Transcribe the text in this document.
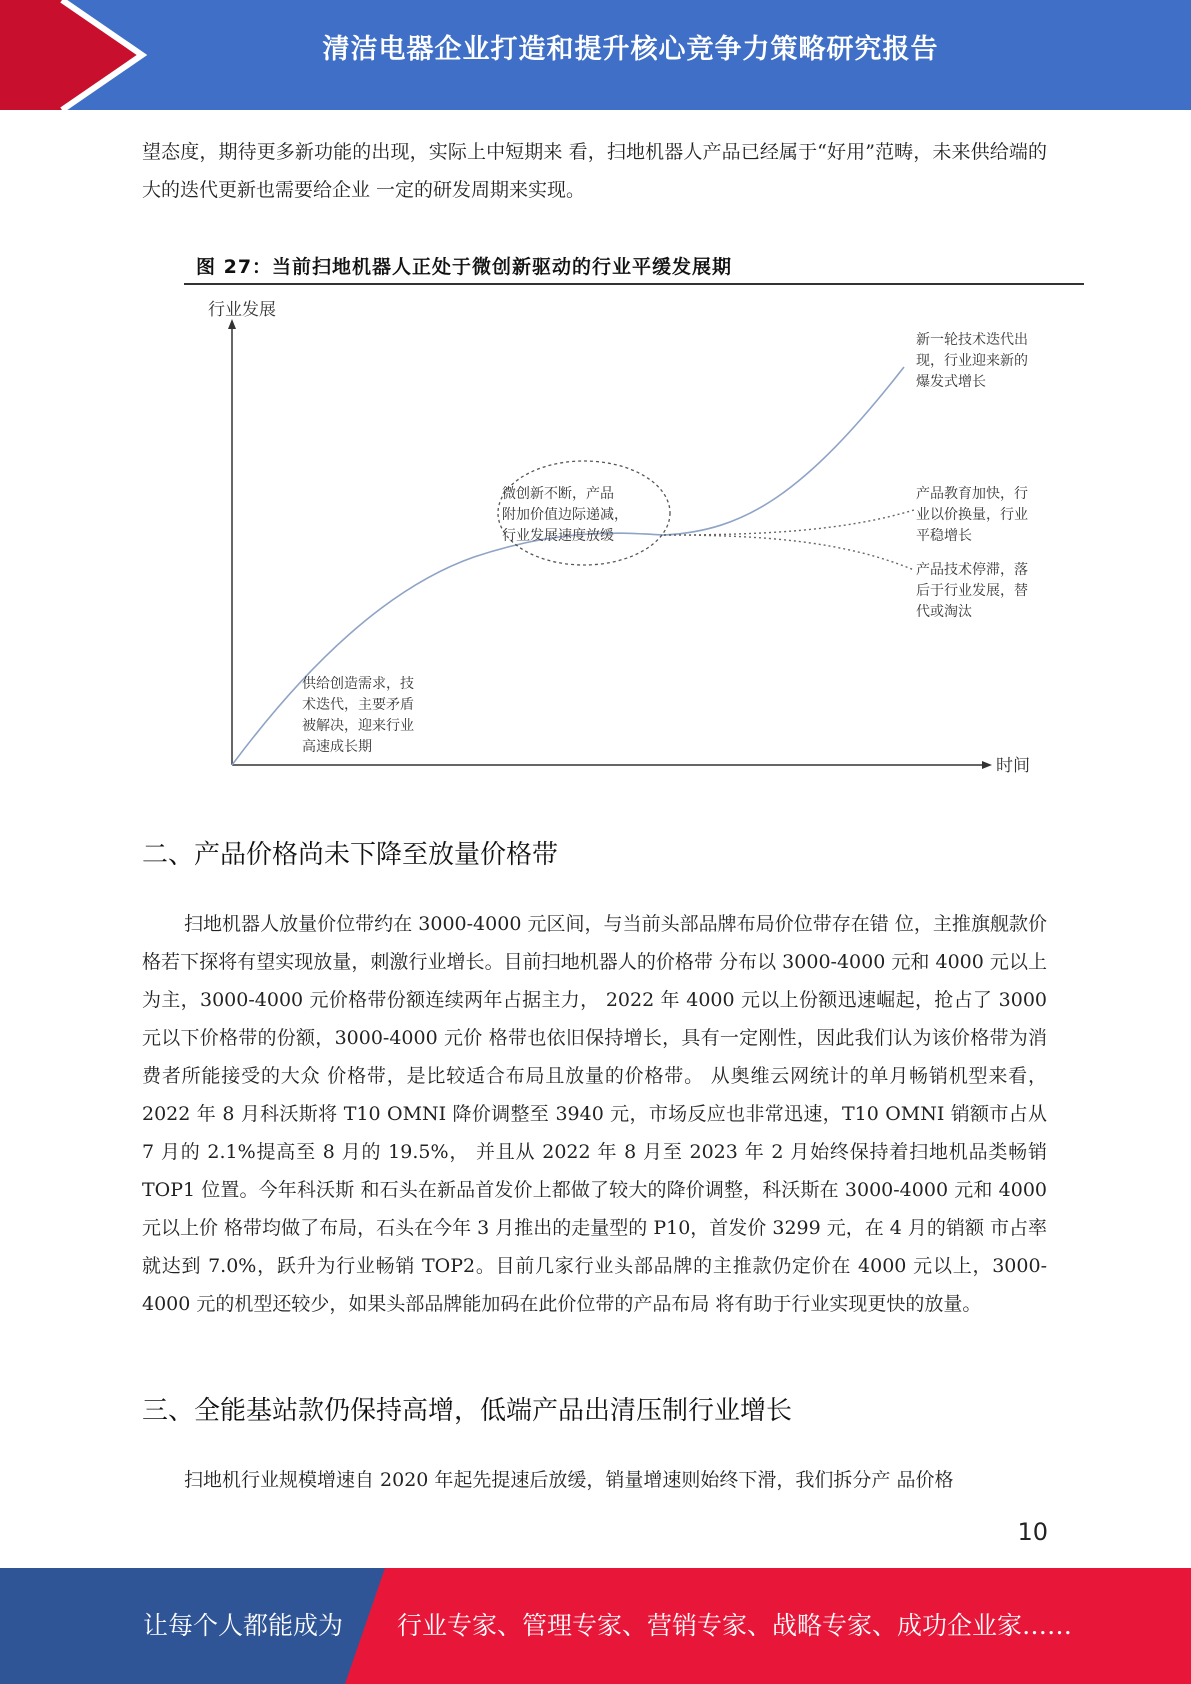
清洁电器企业打造和提升核心竞争力策略研究报告

望态度，期待更多新功能的出现，实际上中短期来 看，扫地机器人产品已经属于“好用”范畴，未来供给端的大的迭代更新也需要给企业 一定的研发周期来实现。

图 27：当前扫地机器人正处于微创新驱动的行业平缓发展期
行业发展
时间
微创新不断，产品
附加价值边际递减，
行业发展速度放缓
供给创造需求，技
术迭代，主要矛盾
被解决，迎来行业
高速成长期
新一轮技术迭代出
现，行业迎来新的
爆发式增长
产品教育加快，行
业以价换量，行业
平稳增长
产品技术停滞，落
后于行业发展，替
代或淘汰
二、产品价格尚未下降至放量价格带

扫地机器人放量价位带约在 3000-4000 元区间，与当前头部品牌布局价位带存在错 位，主推旗舰款价格若下探将有望实现放量，刺激行业增长。目前扫地机器人的价格带 分布以 3000-4000 元和 4000 元以上为主，3000-4000 元价格带份额连续两年占据主力， 2022 年 4000 元以上份额迅速崛起，抢占了 3000 元以下价格带的份额，3000-4000 元价 格带也依旧保持增长，具有一定刚性，因此我们认为该价格带为消费者所能接受的大众 价格带，是比较适合布局且放量的价格带。 从奥维云网统计的单月畅销机型来看，2022 年 8 月科沃斯将 T10 OMNI 降价调整至 3940 元，市场反应也非常迅速，T10 OMNI 销额市占从 7 月的 2.1%提高至 8 月的 19.5%， 并且从 2022 年 8 月至 2023 年 2 月始终保持着扫地机品类畅销 TOP1 位置。今年科沃斯 和石头在新品首发价上都做了较大的降价调整，科沃斯在 3000-4000 元和 4000 元以上价 格带均做了布局，石头在今年 3 月推出的走量型的 P10，首发价 3299 元，在 4 月的销额 市占率就达到 7.0%，跃升为行业畅销 TOP2。目前几家行业头部品牌的主推款仍定价在 4000 元以上，3000-4000 元的机型还较少，如果头部品牌能加码在此价位带的产品布局 将有助于行业实现更快的放量。

三、全能基站款仍保持高增，低端产品出清压制行业增长

扫地机行业规模增速自 2020 年起先提速后放缓，销量增速则始终下滑，我们拆分产 品价格

10
让每个人都能成为 行业专家、管理专家、营销专家、战略专家、成功企业家……
